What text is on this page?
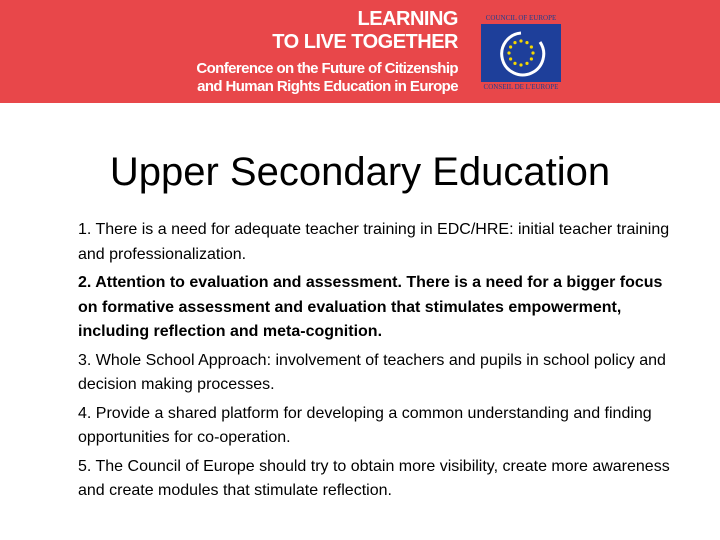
LEARNING
TO LIVE TOGETHER
Conference on the Future of Citizenship
and Human Rights Education in Europe
COUNCIL OF EUROPE
CONSEIL DE L'EUROPE
Upper Secondary Education

1. There is a need for adequate teacher training in EDC/HRE: initial teacher training and professionalization.

2. Attention to evaluation and assessment. There is a need for a bigger focus on formative assessment and evaluation that stimulates empowerment, including reflection and meta-cognition.

3. Whole School Approach: involvement of teachers and pupils in school policy and decision making processes.

4. Provide a shared platform for developing a common understanding and finding opportunities for co-operation.

5. The Council of Europe should try to obtain more visibility, create more awareness and create modules that stimulate reflection.
